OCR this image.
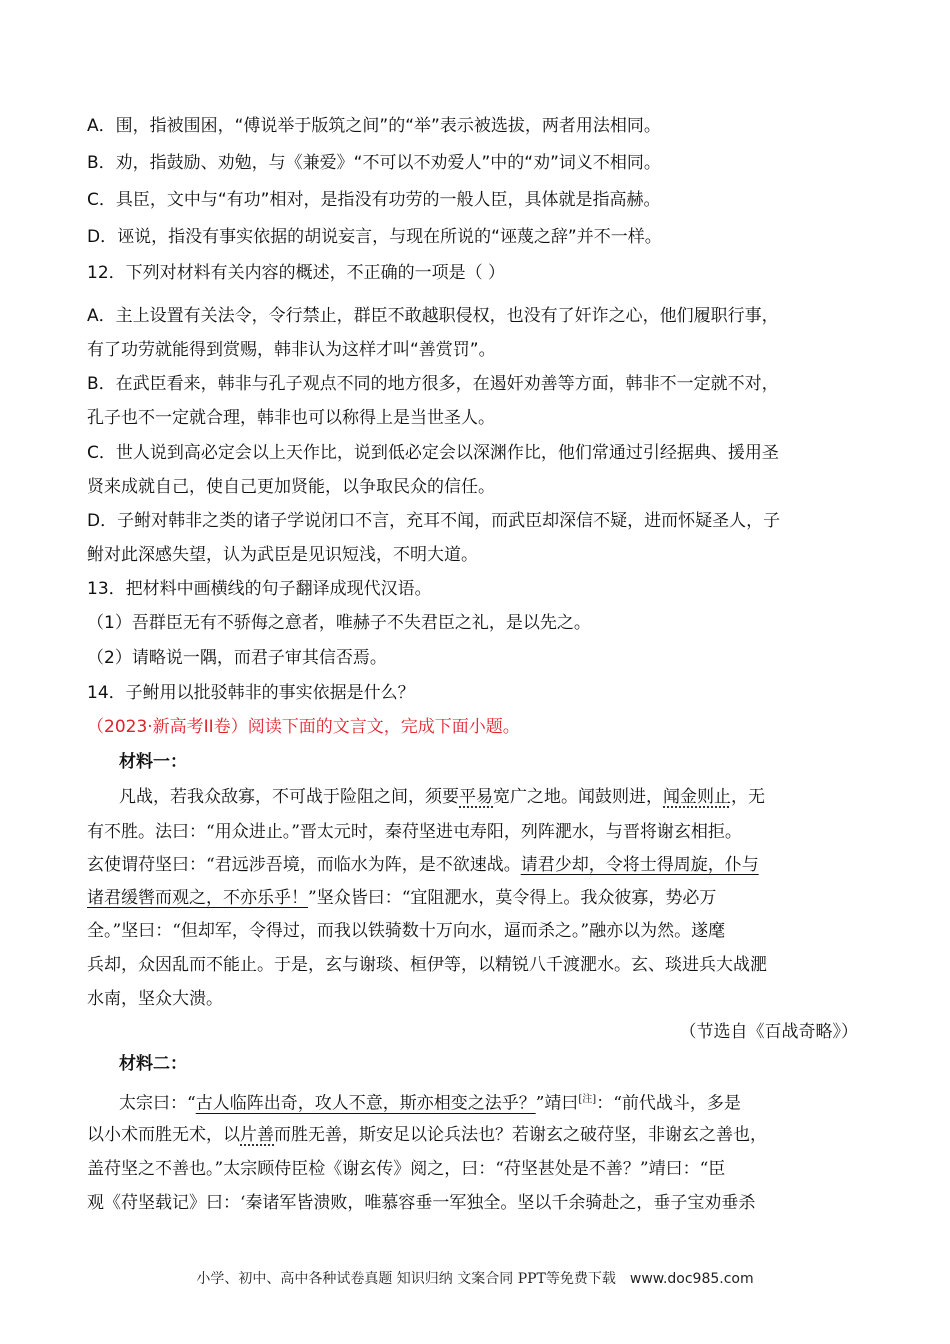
A．围，指被围困，“傅说举于版筑之间”的“举”表示被选拔，两者用法相同。
B．劝，指鼓励、劝勉，与《兼爱》“不可以不劝爱人”中的“劝”词义不相同。
C．具臣，文中与“有功”相对，是指没有功劳的一般人臣，具体就是指高赫。
D．诬说，指没有事实依据的胡说妄言，与现在所说的“诬蔑之辞”并不一样。
12．下列对材料有关内容的概述，不正确的一项是（ ）
A．主上设置有关法令，令行禁止，群臣不敢越职侵权，也没有了奸诈之心，他们履职行事，
有了功劳就能得到赏赐，韩非认为这样才叫“善赏罚”。
B．在武臣看来，韩非与孔子观点不同的地方很多，在遏奸劝善等方面，韩非不一定就不对，
孔子也不一定就合理，韩非也可以称得上是当世圣人。
C．世人说到高必定会以上天作比，说到低必定会以深渊作比，他们常通过引经据典、援用圣
贤来成就自己，使自己更加贤能，以争取民众的信任。
D．子鲋对韩非之类的诸子学说闭口不言，充耳不闻，而武臣却深信不疑，进而怀疑圣人，子
鲋对此深感失望，认为武臣是见识短浅，不明大道。
13．把材料中画横线的句子翻译成现代汉语。
（1）吾群臣无有不骄侮之意者，唯赫子不失君臣之礼，是以先之。
（2）请略说一隅，而君子审其信否焉。
14．子鲋用以批驳韩非的事实依据是什么？
（2023·新高考II卷）阅读下面的文言文，完成下面小题。
材料一：
凡战，若我众敌寡，不可战于险阻之间，须要平易宽广之地。闻鼓则进，闻金则止，无
有不胜。法曰：“用众进止。”晋太元时，秦苻坚进屯寿阳，列阵淝水，与晋将谢玄相拒。
玄使谓苻坚曰：“君远涉吾境，而临水为阵，是不欲速战。请君少却，令将士得周旋，仆与
诸君缓辔而观之，不亦乐乎！”坚众皆曰：“宜阻淝水，莫令得上。我众彼寡，势必万
全。”坚曰：“但却军，令得过，而我以铁骑数十万向水，逼而杀之。”融亦以为然。遂麾
兵却，众因乱而不能止。于是，玄与谢琰、桓伊等，以精锐八千渡淝水。玄、琰进兵大战淝
水南，坚众大溃。
（节选自《百战奇略》）
材料二：
太宗曰：“古人临阵出奇，攻人不意，斯亦相变之法乎？”靖曰[注]：“前代战斗，多是
以小术而胜无术，以片善而胜无善，斯安足以论兵法也？若谢玄之破苻坚，非谢玄之善也，
盖苻坚之不善也。”太宗顾侍臣检《谢玄传》阅之，曰：“苻坚甚处是不善？”靖曰：“臣
观《苻坚载记》曰：‘秦诸军皆溃败，唯慕容垂一军独全。坚以千余骑赴之，垂子宝劝垂杀
小学、初中、高中各种试卷真题 知识归纳 文案合同 PPT等免费下载 www.doc985.com
